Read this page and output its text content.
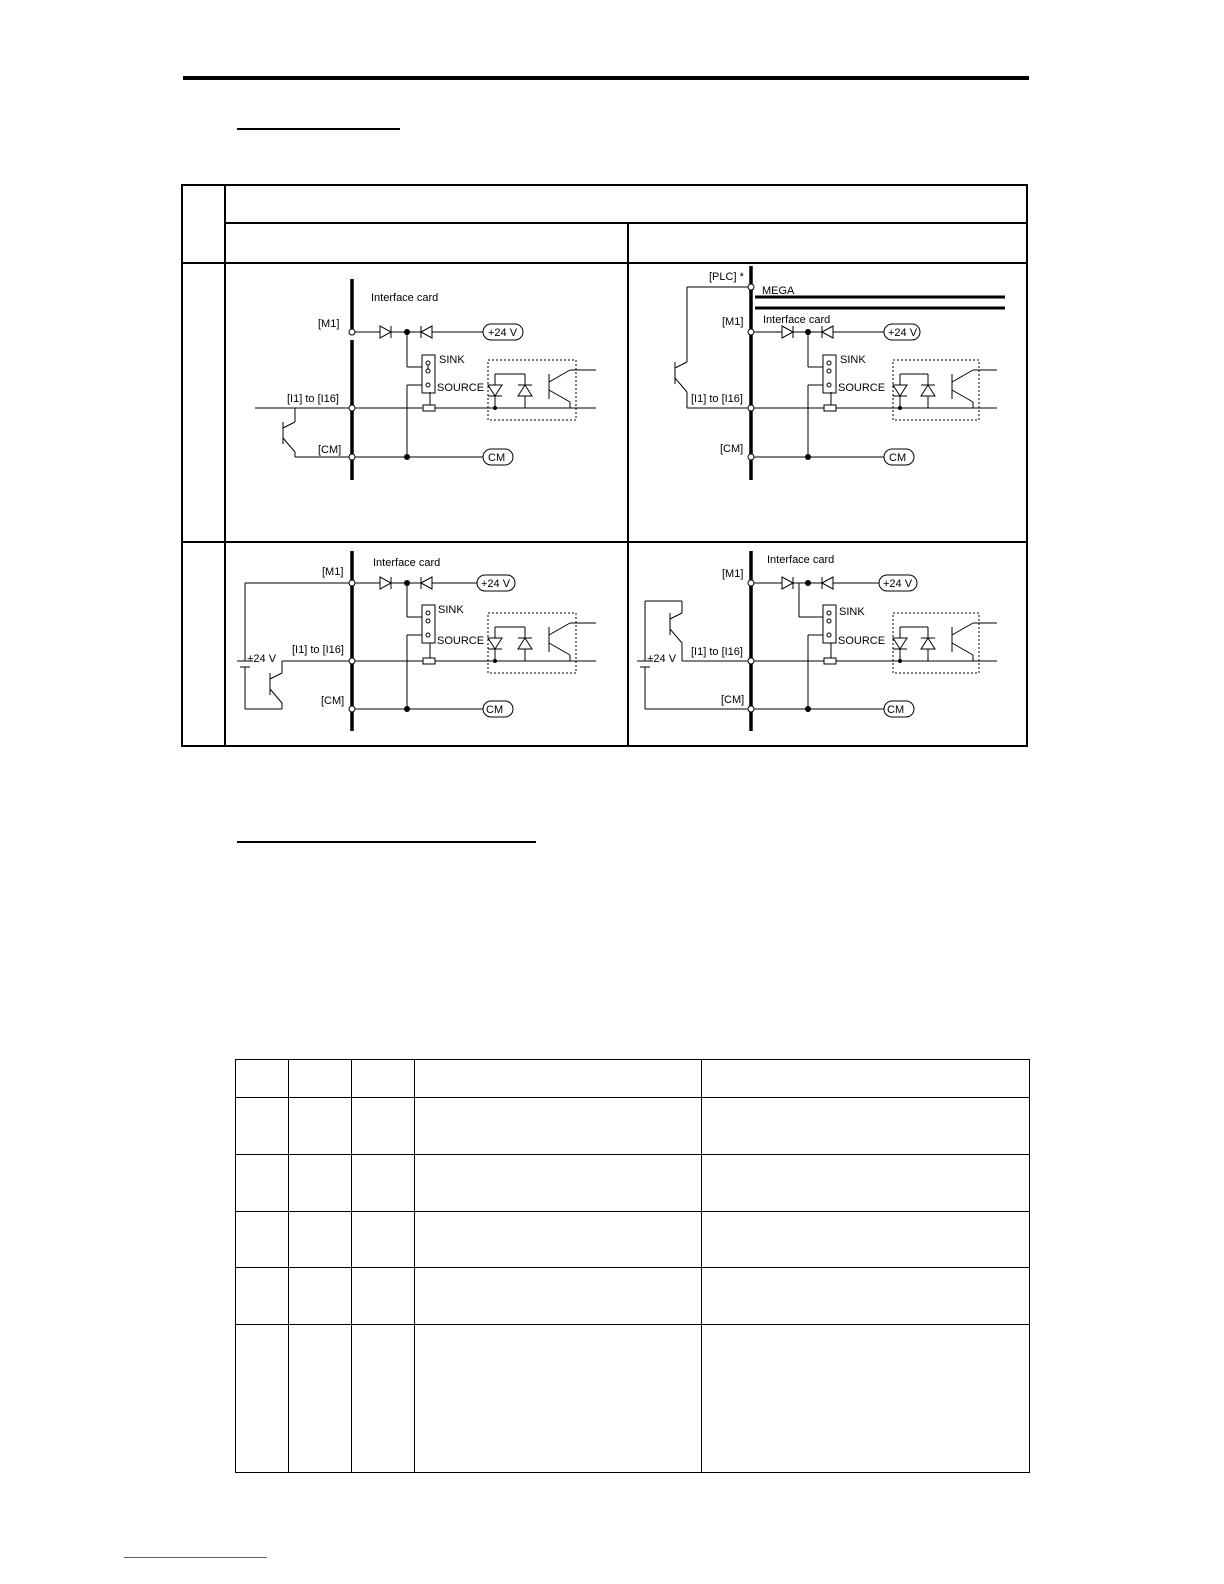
Interface card
[M1]
+24 V
SINK
SOURCE
[I1] to [I16]
[CM]
CM
[PLC] *
MEGA
Interface card
[M1]
+24 V
SINK
SOURCE
[I1] to [I16]
[CM]
CM
Interface card
[M1]
+24 V
SINK
SOURCE
[I1] to [I16]
+24 V
[CM]
CM
Interface card
[M1]
+24 V
SINK
SOURCE
[I1] to [I16]
+24 V
[CM]
CM
